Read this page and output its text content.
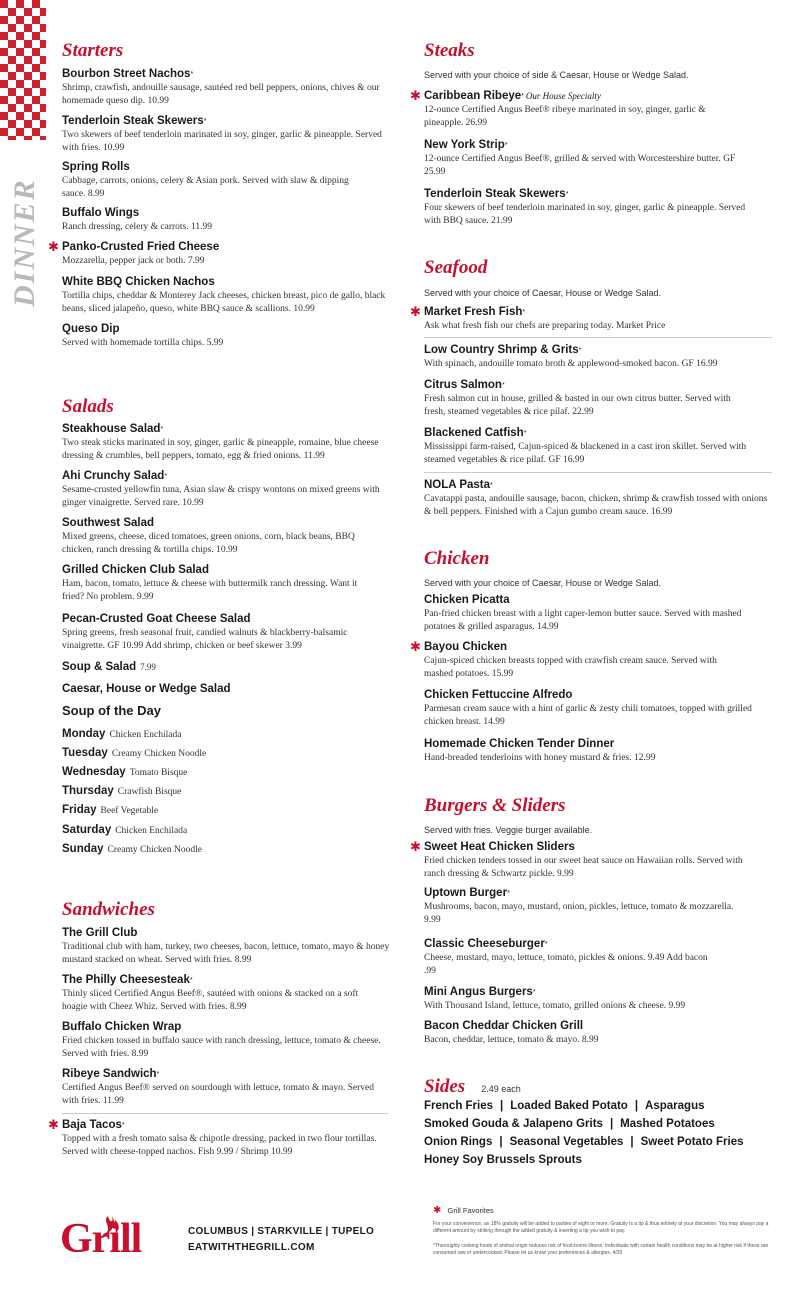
DINNER
Starters
Bourbon Street Nachos*
Shrimp, crawfish, andouille sausage, sautéed red bell peppers, onions, chives & our homemade queso dip. 10.99
Tenderloin Steak Skewers*
Two skewers of beef tenderloin marinated in soy, ginger, garlic & pineapple. Served with fries. 10.99
Spring Rolls
Cabbage, carrots, onions, celery & Asian pork. Served with slaw & dipping sauce. 8.99
Buffalo Wings
Ranch dressing, celery & carrots. 11.99
✱ Panko-Crusted Fried Cheese
Mozzarella, pepper jack or both. 7.99
White BBQ Chicken Nachos
Tortilla chips, cheddar & Monterey Jack cheeses, chicken breast, pico de gallo, black beans, sliced jalapeño, queso, white BBQ sauce & scallions. 10.99
Queso Dip
Served with homemade tortilla chips. 5.99
Salads
Steakhouse Salad*
Two steak sticks marinated in soy, ginger, garlic & pineapple, romaine, blue cheese dressing & crumbles, bell peppers, tomato, egg & fried onions. 11.99
Ahi Crunchy Salad*
Sesame-crusted yellowfin tuna, Asian slaw & crispy wontons on mixed greens with ginger vinaigrette. Served rare. 10.99
Southwest Salad
Mixed greens, cheese, diced tomatoes, green onions, corn, black beans, BBQ chicken, ranch dressing & tortilla chips. 10.99
Grilled Chicken Club Salad
Ham, bacon, tomato, lettuce & cheese with buttermilk ranch dressing. Want it fried? No problem. 9.99
Pecan-Crusted Goat Cheese Salad
Spring greens, fresh seasonal fruit, candied walnuts & blackberry-balsamic vinaigrette. GF 10.99 Add shrimp, chicken or beef skewer 3.99
Soup & Salad 7.99
Caesar, House or Wedge Salad
Soup of the Day
Monday Chicken Enchilada
Tuesday Creamy Chicken Noodle
Wednesday Tomato Bisque
Thursday Crawfish Bisque
Friday Beef Vegetable
Saturday Chicken Enchilada
Sunday Creamy Chicken Noodle
Sandwiches
The Grill Club
Traditional club with ham, turkey, two cheeses, bacon, lettuce, tomato, mayo & honey mustard stacked on wheat. Served with fries. 8.99
The Philly Cheesesteak*
Thinly sliced Certified Angus Beef®, sautéed with onions & stacked on a soft hoagie with Cheez Whiz. Served with fries. 8.99
Buffalo Chicken Wrap
Fried chicken tossed in buffalo sauce with ranch dressing, lettuce, tomato & cheese. Served with fries. 8.99
Ribeye Sandwich*
Certified Angus Beef® served on sourdough with lettuce, tomato & mayo. Served with fries. 11.99
✱ Baja Tacos*
Topped with a fresh tomato salsa & chipotle dressing, packed in two flour tortillas. Served with cheese-topped nachos. Fish 9.99 / Shrimp 10.99
Steaks
Served with your choice of side & Caesar, House or Wedge Salad.
✱ Caribbean Ribeye* Our House Specialty
12-ounce Certified Angus Beef® ribeye marinated in soy, ginger, garlic & pineapple. 26.99
New York Strip*
12-ounce Certified Angus Beef®, grilled & served with Worcestershire butter. GF 25.99
Tenderloin Steak Skewers*
Four skewers of beef tenderloin marinated in soy, ginger, garlic & pineapple. Served with BBQ sauce. 21.99
Seafood
Served with your choice of Caesar, House or Wedge Salad.
✱ Market Fresh Fish*
Ask what fresh fish our chefs are preparing today. Market Price
Low Country Shrimp & Grits*
With spinach, andouille tomato broth & applewood-smoked bacon. GF 16.99
Citrus Salmon*
Fresh salmon cut in house, grilled & basted in our own citrus butter. Served with fresh, steamed vegetables & rice pilaf. 22.99
Blackened Catfish*
Mississippi farm-raised, Cajun-spiced & blackened in a cast iron skillet. Served with steamed vegetables & rice pilaf. GF 16.99
NOLA Pasta*
Cavatappi pasta, andouille sausage, bacon, chicken, shrimp & crawfish tossed with onions & bell peppers. Finished with a Cajun gumbo cream sauce. 16.99
Chicken
Served with your choice of Caesar, House or Wedge Salad.
Chicken Picatta
Pan-fried chicken breast with a light caper-lemon butter sauce. Served with mashed potatoes & grilled asparagus. 14.99
✱ Bayou Chicken
Cajun-spiced chicken breasts topped with crawfish cream sauce. Served with mashed potatoes. 15.99
Chicken Fettuccine Alfredo
Parmesan cream sauce with a hint of garlic & zesty chili tomatoes, topped with grilled chicken breast. 14.99
Homemade Chicken Tender Dinner
Hand-breaded tenderloins with honey mustard & fries. 12.99
Burgers & Sliders
Served with fries. Veggie burger available.
✱ Sweet Heat Chicken Sliders
Fried chicken tenders tossed in our sweet heat sauce on Hawaiian rolls. Served with ranch dressing & Schwartz pickle. 9.99
Uptown Burger*
Mushrooms, bacon, mayo, mustard, onion, pickles, lettuce, tomato & mozzarella. 9.99
Classic Cheeseburger*
Cheese, mustard, mayo, lettuce, tomato, pickles & onions. 9.49 Add bacon .99
Mini Angus Burgers*
With Thousand Island, lettuce, tomato, grilled onions & cheese. 9.99
Bacon Cheddar Chicken Grill
Bacon, cheddar, lettuce, tomato & mayo. 8.99
Sides 2.49 each
French Fries | Loaded Baked Potato | Asparagus
Smoked Gouda & Jalapeno Grits | Mashed Potatoes
Onion Rings | Seasonal Vegetables | Sweet Potato Fries
Honey Soy Brussels Sprouts
Grill	COLUMBUS | STARKVILLE | TUPELO
EATWITHTHEGRILL.COM
✱ Grill Favorites
For your convenience, an 18% gratuity will be added to parties of eight or more. Gratuity is a tip & thus entirely at your discretion. You may always pay a different amount by striking through the added gratuity & inserting a tip you wish to pay.
*Thoroughly cooking foods of animal origin reduces risk of food-borne illness. Individuals with certain health conditions may be at higher risk if these are consumed raw or undercooked. Please let us know your preferences & allergies. 4/20
